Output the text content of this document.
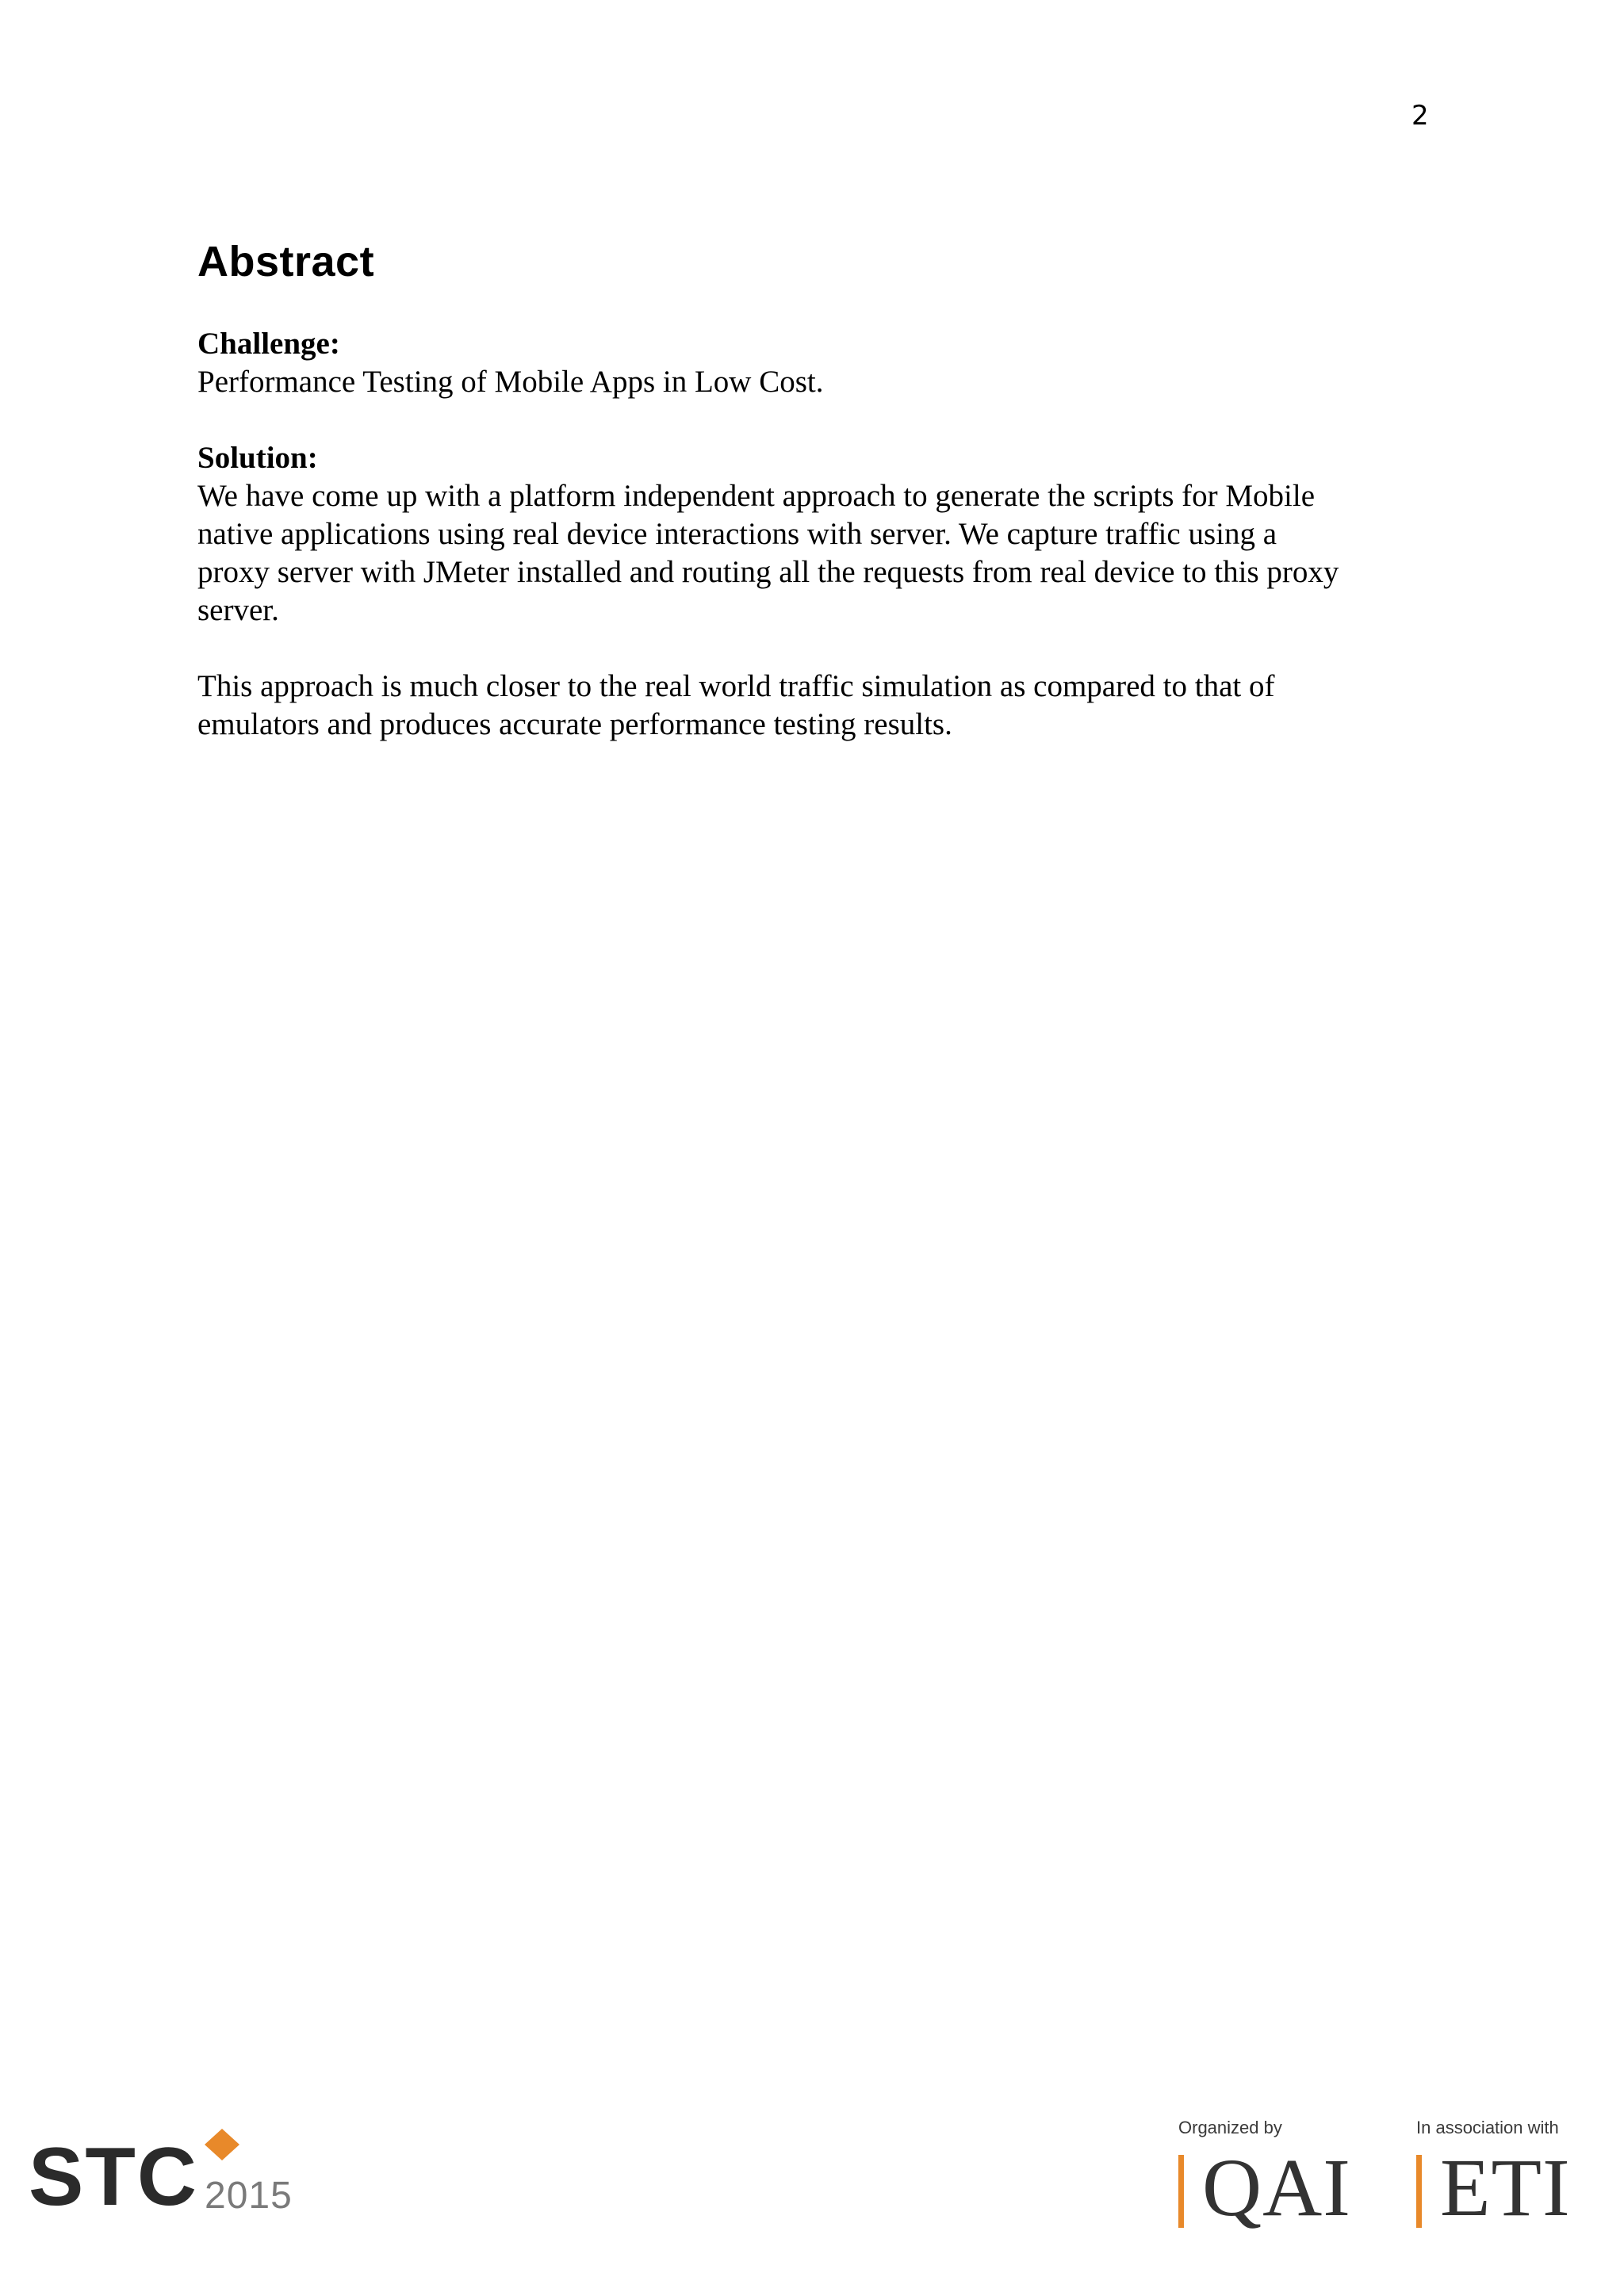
2
Abstract

Challenge:

Performance Testing of Mobile Apps in Low Cost.

Solution:

We have come up with a platform independent approach to generate the scripts for Mobile
native applications using real device interactions with server. We capture traffic using a
proxy server with JMeter installed and routing all the requests from real device to this proxy
server.
This approach is much closer to the real world traffic simulation as compared to that of
emulators and produces accurate performance testing results.
STC 2015
Organized by
QAI
In association with
ETI
